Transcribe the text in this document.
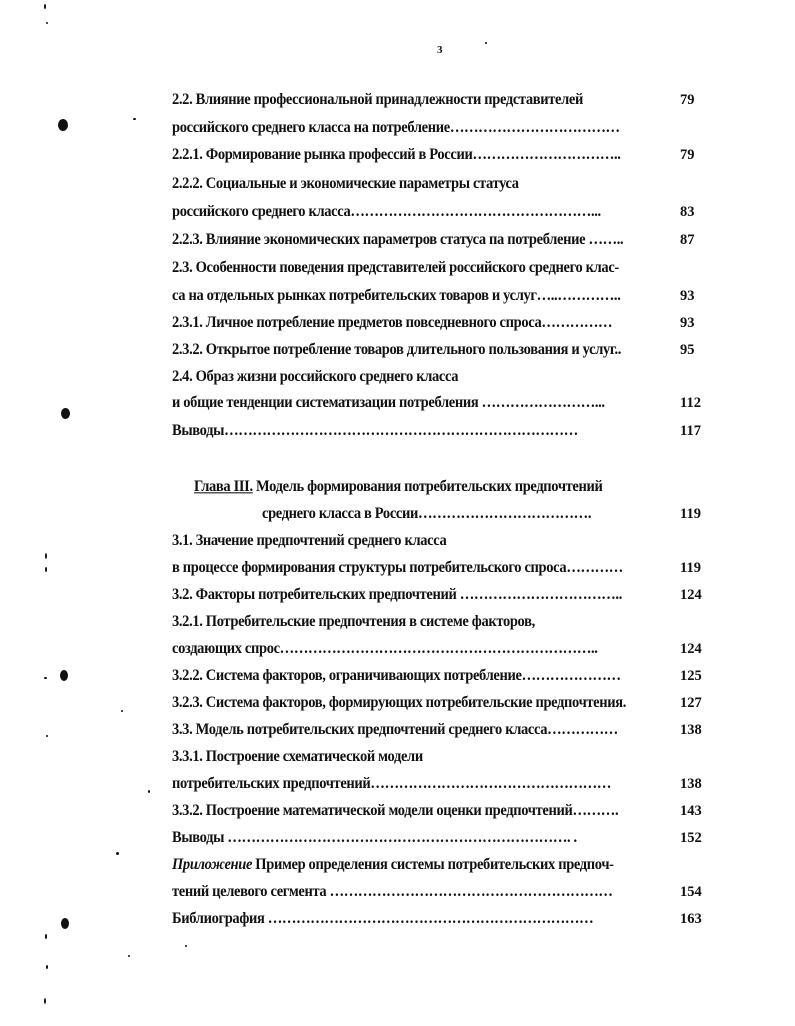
3
2.2. Влияние профессиональной принадлежности представителей	79
российского среднего класса на потребление………………………………
2.2.1. Формирование рынка профессий в России…………………………..	79
2.2.2. Социальные и экономические параметры статуса
российского среднего класса……………………………………………...	83
2.2.3. Влияние экономических параметров статуса па потребление ……..	87
2.3. Особенности поведения представителей российского среднего клас-
са на отдельных рынках потребительских товаров и услуг…..…………..	93
2.3.1. Личное потребление предметов повседневного спроса……………	93
2.3.2. Открытое потребление товаров длительного пользования и услуг..	95
2.4. Образ жизни российского среднего класса
и общие тенденции систематизации потребления ……………………...	112
Выводы…………………………………………………………………	117
Глава III. Модель формирования потребительских предпочтений
среднего класса в России……………………………….	119
3.1. Значение предпочтений среднего класса
в процессе формирования структуры потребительского спроса…………	119
3.2. Факторы потребительских предпочтений ……………………………..	124
3.2.1. Потребительские предпочтения в системе факторов,
создающих спрос…………………………………………………………..	124
3.2.2. Система факторов, ограничивающих потребление…………………	125
3.2.3. Система факторов, формирующих потребительские предпочтения.	127
3.3. Модель потребительских предпочтений среднего класса……………	138
3.3.1. Построение схематической модели
потребительских предпочтений……………………………………………	138
3.3.2. Построение математической модели оценки предпочтений……….	143
Выводы ………………………………………………………………. .	152
Приложение Пример определения системы потребительских предпоч-
тений целевого сегмента ……………………………………………………	154
Библиография ……………………………………………………………	163
